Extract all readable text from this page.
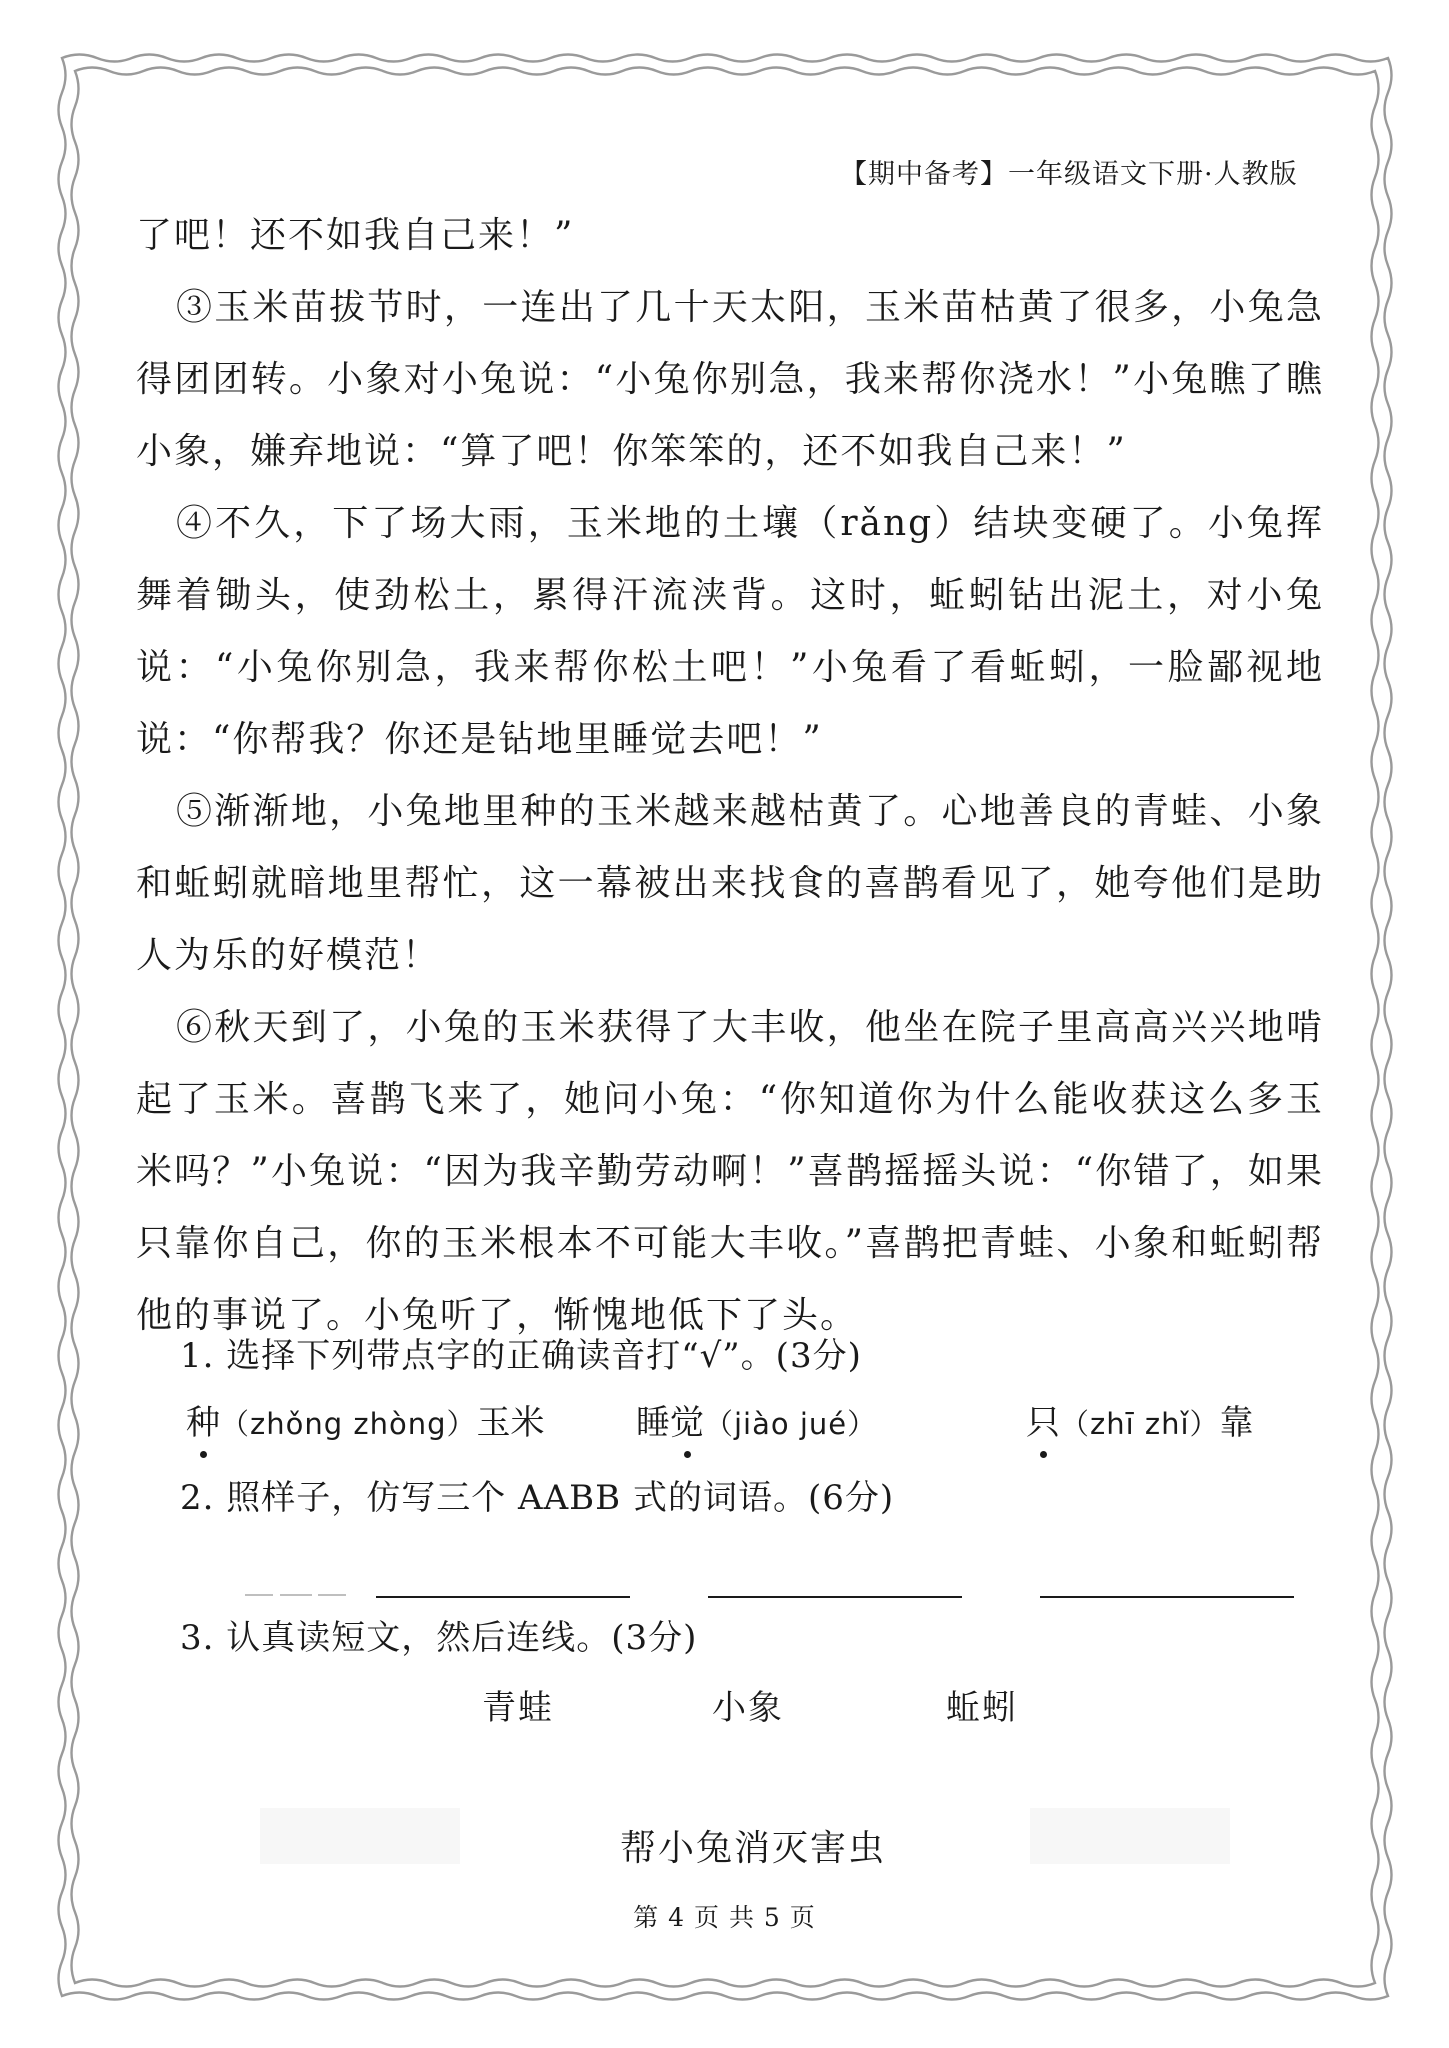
【期中备考】一年级语文下册·人教版
了吧！还不如我自己来！”
③玉米苗拔节时，一连出了几十天太阳，玉米苗枯黄了很多，小兔急得团团转。小象对小兔说：“小兔你别急，我来帮你浇水！”小兔瞧了瞧小象，嫌弃地说：“算了吧！你笨笨的，还不如我自己来！”
④不久，下了场大雨，玉米地的土壤（rǎng）结块变硬了。小兔挥舞着锄头，使劲松土，累得汗流浃背。这时，蚯蚓钻出泥土，对小兔说：“小兔你别急，我来帮你松土吧！”小兔看了看蚯蚓，一脸鄙视地说：“你帮我？你还是钻地里睡觉去吧！”
⑤渐渐地，小兔地里种的玉米越来越枯黄了。心地善良的青蛙、小象和蚯蚓就暗地里帮忙，这一幕被出来找食的喜鹊看见了，她夸他们是助人为乐的好模范！
⑥秋天到了，小兔的玉米获得了大丰收，他坐在院子里高高兴兴地啃起了玉米。喜鹊飞来了，她问小兔：“你知道你为什么能收获这么多玉米吗？”小兔说：“因为我辛勤劳动啊！”喜鹊摇摇头说：“你错了，如果只靠你自己，你的玉米根本不可能大丰收。”喜鹊把青蛙、小象和蚯蚓帮他的事说了。小兔听了，惭愧地低下了头。
1. 选择下列带点字的正确读音打“√”。(3分)
种（zhǒng zhòng）玉米	睡觉（jiào jué）	只（zhī zhǐ）靠
2. 照样子，仿写三个 AABB 式的词语。(6分)
3. 认真读短文，然后连线。(3分)
青蛙	小象	蚯蚓
帮小兔消灭害虫
第 4 页 共 5 页
